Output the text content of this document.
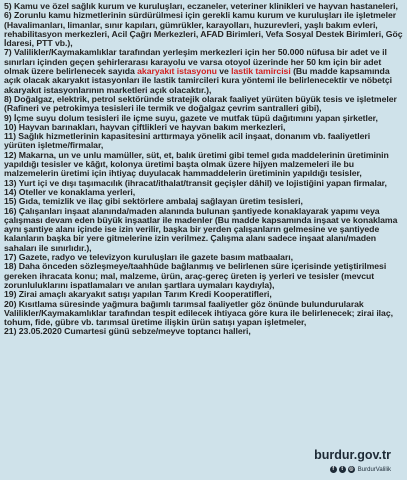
5) Kamu ve özel sağlık kurum ve kuruluşları, eczaneler, veteriner klinikleri ve hayvan hastaneleri,

6) Zorunlu kamu hizmetlerinin sürdürülmesi için gerekli kamu kurum ve kuruluşları ile işletmeler (Havalimanları, limanlar, sınır kapıları, gümrükler, karayolları, huzurevleri, yaşlı bakım evleri, rehabilitasyon merkezleri, Acil Çağrı Merkezleri, AFAD Birimleri, Vefa Sosyal Destek Birimleri, Göç İdaresi, PTT vb.),

7) Valilikler/Kaymakamlıklar tarafından yerleşim merkezleri için her 50.000 nüfusa bir adet ve il sınırları içinden geçen şehirlerarası karayolu ve varsa otoyol üzerinde her 50 km için bir adet olmak üzere belirlenecek sayıda akaryakıt istasyonu ve lastik tamircisi (Bu madde kapsamında açık olacak akaryakıt istasyonları ile lastik tamircileri kura yöntemi ile belirlenecektir ve nöbetçi akaryakıt istasyonlarının marketleri açık olacaktır.),

8) Doğalgaz, elektrik, petrol sektöründe stratejik olarak faaliyet yürüten büyük tesis ve işletmeler (Rafineri ve petrokimya tesisleri ile termik ve doğalgaz çevrim santralleri gibi),

9) İçme suyu dolum tesisleri ile içme suyu, gazete ve mutfak tüpü dağıtımını yapan şirketler,

10) Hayvan barınakları, hayvan çiftlikleri ve hayvan bakım merkezleri,

11) Sağlık hizmetlerinin kapasitesini arttırmaya yönelik acil inşaat, donanım vb. faaliyetleri yürüten işletme/firmalar,

12) Makarna, un ve unlu mamüller, süt, et, balık üretimi gibi temel gıda maddelerinin üretiminin yapıldığı tesisler ve kâğıt, kolonya üretimi başta olmak üzere hijyen malzemeleri ile bu malzemelerin üretimi için ihtiyaç duyulacak hammaddelerin üretiminin yapıldığı tesisler,

13) Yurt içi ve dışı taşımacılık (ihracat/ithalat/transit geçişler dâhil) ve lojistiğini yapan firmalar,

14) Oteller ve konaklama yerleri,

15) Gıda, temizlik ve ilaç gibi sektörlere ambalaj sağlayan üretim tesisleri,

16) Çalışanları inşaat alanında/maden alanında bulunan şantiyede konaklayarak yapımı veya çalışması devam eden büyük inşaatlar ile madenler (Bu madde kapsamında inşaat ve konaklama aynı şantiye alanı içinde ise izin verilir, başka bir yerden çalışanların gelmesine ve şantiyede kalanların başka bir yere gitmelerine izin verilmez. Çalışma alanı sadece inşaat alanı/maden sahaları ile sınırlıdır.),

17) Gazete, radyo ve televizyon kuruluşları ile gazete basım matbaaları,

18) Daha önceden sözleşmeye/taahhüde bağlanmış ve belirlenen süre içerisinde yetiştirilmesi gereken ihracata konu; mal, malzeme, ürün, araç-gereç üreten iş yerleri ve tesisler (mevcut zorunluluklarını ispatlamaları ve anılan şartlara uymaları kaydıyla),

19) Zirai amaçlı akaryakıt satışı yapılan Tarım Kredi Kooperatifleri,

20) Kısıtlama süresinde yağmura bağımlı tarımsal faaliyetler göz önünde bulundurularak Valilikler/Kaymakamlıklar tarafından tespit edilecek ihtiyaca göre kura ile belirlenecek; zirai ilaç, tohum, fide, gübre vb. tarımsal üretime ilişkin ürün satışı yapan işletmeler,

21) 23.05.2020 Cumartesi günü sebze/meyve toptancı halleri,

burdur.gov.tr
f	t	◎ BurdurValilik
